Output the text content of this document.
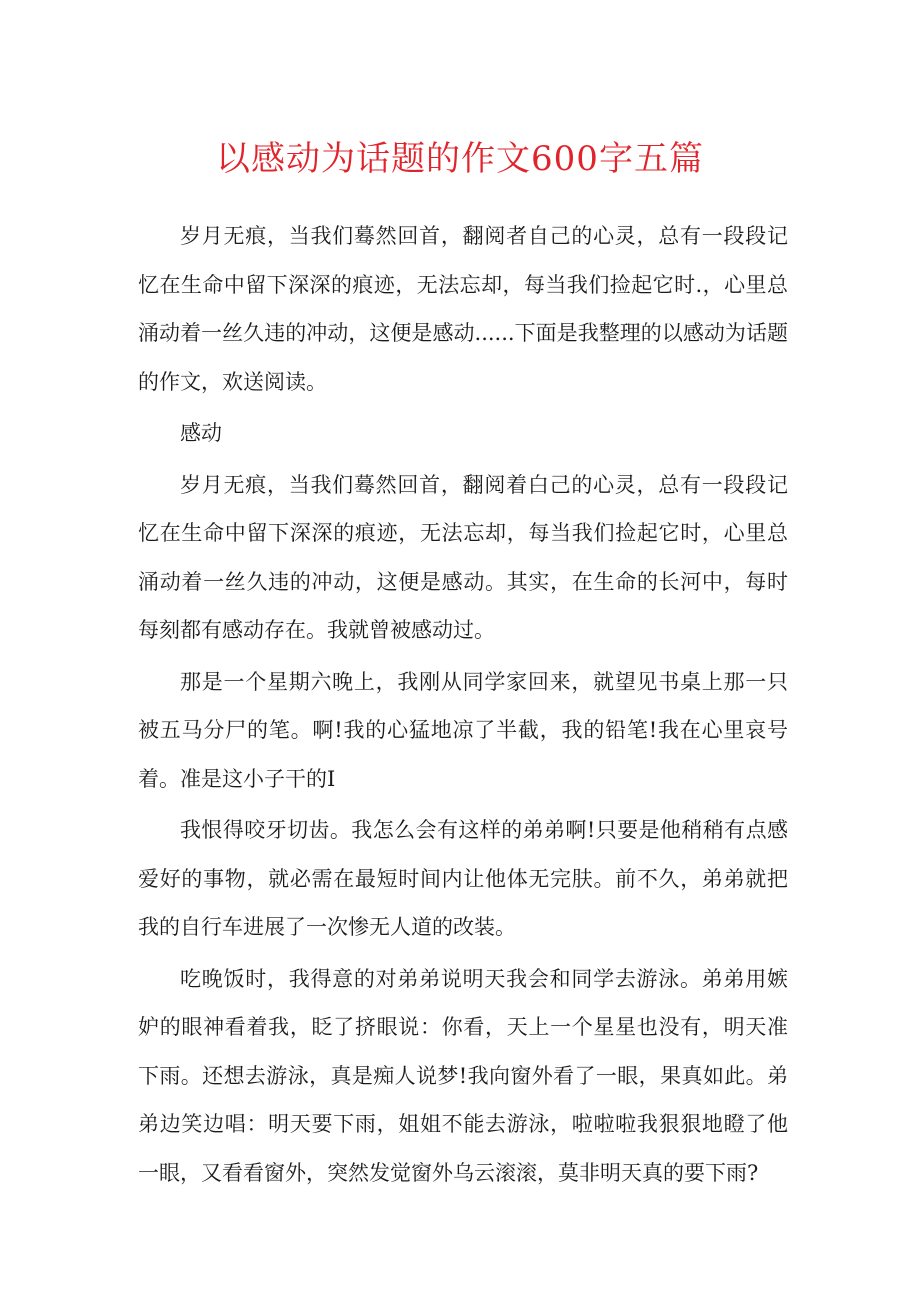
以感动为话题的作文600字五篇

岁月无痕，当我们蓦然回首，翻阅者自己的心灵，总有一段段记忆在生命中留下深深的痕迹，无法忘却，每当我们捡起它时.，心里总涌动着一丝久违的冲动，这便是感动......下面是我整理的以感动为话题的作文，欢送阅读。

感动

岁月无痕，当我们蓦然回首，翻阅着白己的心灵，总有一段段记忆在生命中留下深深的痕迹，无法忘却，每当我们捡起它时，心里总涌动着一丝久违的冲动，这便是感动。其实，在生命的长河中，每时每刻都有感动存在。我就曾被感动过。

那是一个星期六晚上，我刚从同学家回来，就望见书桌上那一只被五马分尸的笔。啊!我的心猛地凉了半截，我的铅笔!我在心里哀号着。准是这小子干的I

我恨得咬牙切齿。我怎么会有这样的弟弟啊!只要是他稍稍有点感爱好的事物，就必需在最短时间内让他体无完肤。前不久，弟弟就把我的自行车进展了一次惨无人道的改装。

吃晚饭时，我得意的对弟弟说明天我会和同学去游泳。弟弟用嫉妒的眼神看着我，眨了挤眼说：你看，天上一个星星也没有，明天准下雨。还想去游泳，真是痴人说梦!我向窗外看了一眼，果真如此。弟弟边笑边唱：明天要下雨，姐姐不能去游泳，啦啦啦我狠狠地瞪了他一眼，又看看窗外，突然发觉窗外乌云滚滚，莫非明天真的要下雨?
